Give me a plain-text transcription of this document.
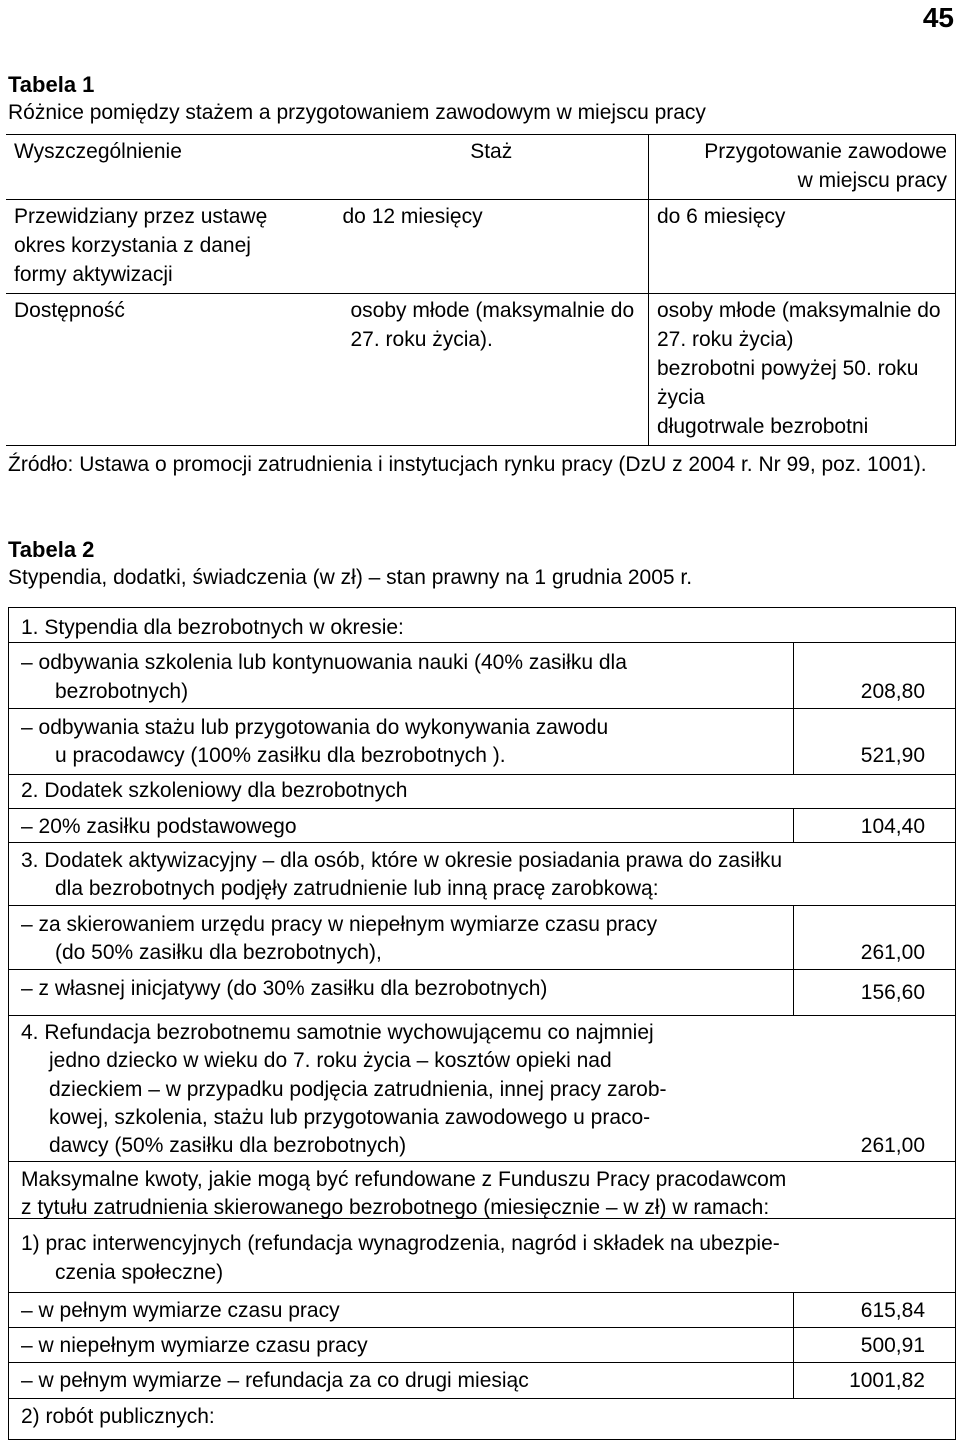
45
Tabela 1
Różnice pomiędzy stażem a przygotowaniem zawodowym w miejscu pracy
Wyszczególnienie	Staż	Przygotowanie zawodowe
w miejscu pracy

Przewidziany przez ustawę okres korzystania z danej formy aktywizacji	do 12 miesięcy	do 6 miesięcy
Dostępność	osoby młode (maksymalnie do 27. roku życia).	osoby młode (maksymalnie do 27. roku życia)
bezrobotni powyżej 50. roku życia
długotrwale bezrobotni
Źródło: Ustawa o promocji zatrudnienia i instytucjach rynku pracy (DzU z 2004 r. Nr 99, poz. 1001).
Tabela 2
Stypendia, dodatki, świadczenia (w zł) – stan prawny na 1 grudnia 2005 r.
1. Stypendia dla bezrobotnych w okresie:
– odbywania szkolenia lub kontynuowania nauki (40% zasiłku dla
bezrobotnych)	208,80
– odbywania stażu lub przygotowania do wykonywania zawodu
u pracodawcy (100% zasiłku dla bezrobotnych ).	521,90
2. Dodatek szkoleniowy dla bezrobotnych
– 20% zasiłku podstawowego	104,40
3. Dodatek aktywizacyjny – dla osób, które w okresie posiadania prawa do zasiłku
dla bezrobotnych podjęły zatrudnienie lub inną pracę zarobkową:
– za skierowaniem urzędu pracy w niepełnym wymiarze czasu pracy
(do 50% zasiłku dla bezrobotnych),	261,00
– z własnej inicjatywy (do 30% zasiłku dla bezrobotnych)	156,60
4. Refundacja bezrobotnemu samotnie wychowującemu co najmniej
jedno dziecko w wieku do 7. roku życia – kosztów opieki nad
dzieckiem – w przypadku podjęcia zatrudnienia, innej pracy zarob-
kowej, szkolenia, stażu lub przygotowania zawodowego u praco-
dawcy (50% zasiłku dla bezrobotnych)	261,00
Maksymalne kwoty, jakie mogą być refundowane z Funduszu Pracy pracodawcom
z tytułu zatrudnienia skierowanego bezrobotnego (miesięcznie – w zł) w ramach:
1) prac interwencyjnych (refundacja wynagrodzenia, nagród i składek na ubezpie-
czenia społeczne)
– w pełnym wymiarze czasu pracy	615,84
– w niepełnym wymiarze czasu pracy	500,91
– w pełnym wymiarze – refundacja za co drugi miesiąc	1001,82
2) robót publicznych:
